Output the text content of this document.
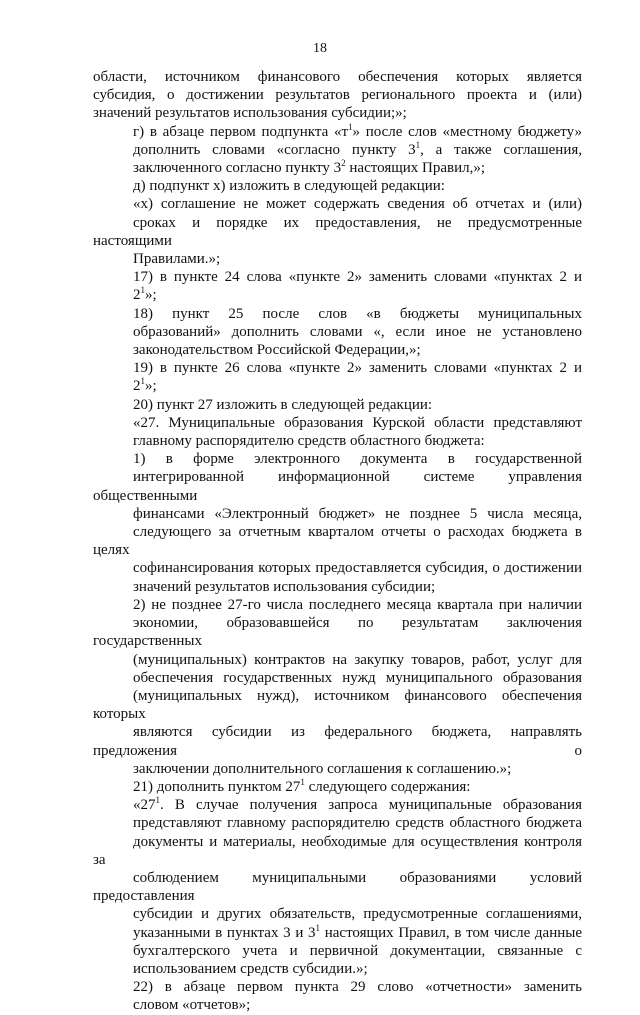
18
области, источником финансового обеспечения которых является
субсидия, о достижении результатов регионального проекта и (или)
значений результатов использования субсидии;»;
г) в абзаце первом подпункта «$т^1$» после слов «местному бюджету»
дополнить словами «согласно пункту $3^1$, а также соглашения,
заключенного согласно пункту $3^2$ настоящих Правил,»;
д) подпункт х) изложить в следующей редакции:
«х) соглашение не может содержать сведения об отчетах и (или)
сроках и порядке их предоставления, не предусмотренные настоящими
Правилами.»;
17) в пункте 24 слова «пункте 2» заменить словами «пунктах 2 и
$2^1$»;
18) пункт 25 после слов «в бюджеты муниципальных
образований» дополнить словами «, если иное не установлено
законодательством Российской Федерации,»;
19) в пункте 26 слова «пункте 2» заменить словами «пунктах 2 и
$2^1$»;
20) пункт 27 изложить в следующей редакции:
«27. Муниципальные образования Курской области представляют
главному распорядителю средств областного бюджета:
1) в форме электронного документа в государственной
интегрированной информационной системе управления общественными
финансами «Электронный бюджет» не позднее 5 числа месяца,
следующего за отчетным кварталом отчеты о расходах бюджета в целях
софинансирования которых предоставляется субсидия, о достижении
значений результатов использования субсидии;
2) не позднее 27-го числа последнего месяца квартала при наличии
экономии, образовавшейся по результатам заключения государственных
(муниципальных) контрактов на закупку товаров, работ, услуг для
обеспечения государственных нужд муниципального образования
(муниципальных нужд), источником финансового обеспечения которых
являются субсидии из федерального бюджета, направлять предложения о
заключении дополнительного соглашения к соглашению.»;
21) дополнить пунктом $27^1$ следующего содержания:
«$27^1$. В случае получения запроса муниципальные образования
представляют главному распорядителю средств областного бюджета
документы и материалы, необходимые для осуществления контроля за
соблюдением муниципальными образованиями условий предоставления
субсидии и других обязательств, предусмотренные соглашениями,
указанными в пунктах 3 и $3^1$ настоящих Правил, в том числе данные
бухгалтерского учета и первичной документации, связанные с
использованием средств субсидии.»;
22) в абзаце первом пункта 29 слово «отчетности» заменить
словом «отчетов»;
